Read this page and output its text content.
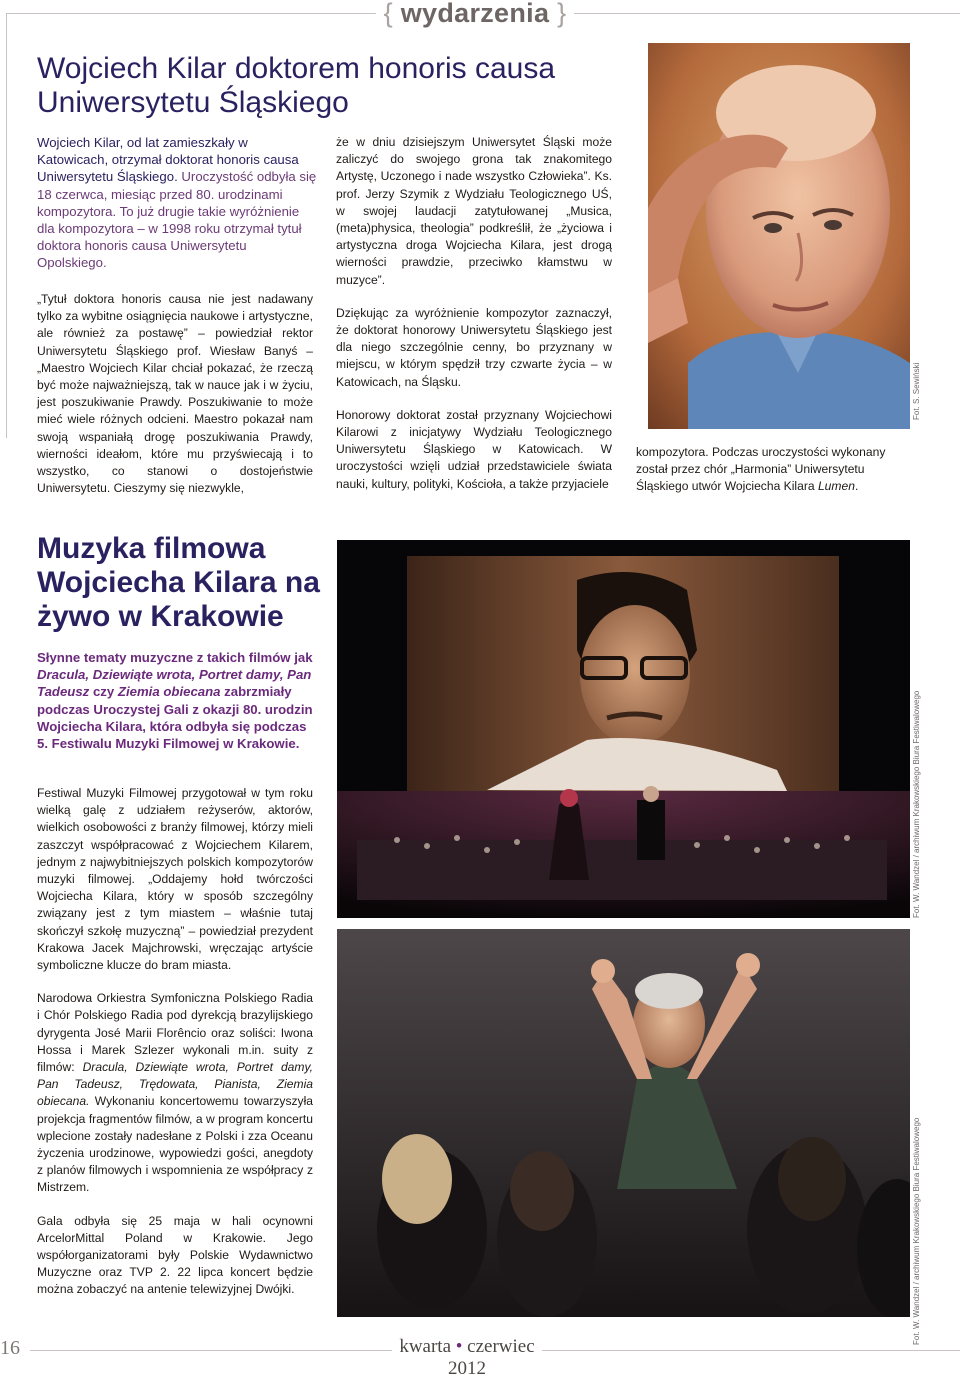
{ wydarzenia }
Wojciech Kilar doktorem honoris causa Uniwersytetu Śląskiego
Wojciech Kilar, od lat zamieszkały w Katowicach, otrzymał doktorat honoris causa Uniwersytetu Śląskiego. Uroczystość odbyła się 18 czerwca, miesiąc przed 80. urodzinami kompozytora. To już drugie takie wyróżnienie dla kompozytora – w 1998 roku otrzymał tytuł doktora honoris causa Uniwersytetu Opolskiego.

„Tytuł doktora honoris causa nie jest nadawany tylko za wybitne osiągnięcia naukowe i artystyczne, ale również za postawę” – powiedział rektor Uniwersytetu Śląskiego prof. Wiesław Banyś – „Maestro Wojciech Kilar chciał pokazać, że rzeczą być może najważniejszą, tak w nauce jak i w życiu, jest poszukiwanie Prawdy. Poszukiwanie to może mieć wiele różnych odcieni. Maestro pokazał nam swoją wspaniałą drogę poszukiwania Prawdy, wierności ideałom, które mu przyświecają i to wszystko, co stanowi o dostojeństwie Uniwersytetu. Cieszymy się niezwykle,

że w dniu dzisiejszym Uniwersytet Śląski może zaliczyć do swojego grona tak znakomitego Artystę, Uczonego i nade wszystko Człowieka”. Ks. prof. Jerzy Szymik z Wydziału Teologicznego UŚ, w swojej laudacji zatytułowanej „Musica, (meta)physica, theologia” podkreślił, że „życiowa i artystyczna droga Wojciecha Kilara, jest drogą wierności prawdzie, przeciwko kłamstwu w muzyce”.

Dziękując za wyróżnienie kompozytor zaznaczył, że doktorat honorowy Uniwersytetu Śląskiego jest dla niego szczególnie cenny, bo przyznany w miejscu, w którym spędził trzy czwarte życia – w Katowicach, na Śląsku.

Honorowy doktorat został przyznany Wojciechowi Kilarowi z inicjatywy Wydziału Teologicznego Uniwersytetu Śląskiego w Katowicach. W uroczystości wzięli udział przedstawiciele świata nauki, kultury, polityki, Kościoła, a także przyjaciele

kompozytora. Podczas uroczystości wykonany został przez chór „Harmonia” Uniwersytetu Śląskiego utwór Wojciecha Kilara Lumen.
Fot. S. Sewiński
Muzyka filmowa Wojciecha Kilara na żywo w Krakowie
Słynne tematy muzyczne z takich filmów jak Dracula, Dziewiąte wrota, Portret damy, Pan Tadeusz czy Ziemia obiecana zabrzmiały podczas Uroczystej Gali z okazji 80. urodzin Wojciecha Kilara, która odbyła się podczas 5. Festiwalu Muzyki Filmowej w Krakowie.

Festiwal Muzyki Filmowej przygotował w tym roku wielką galę z udziałem reżyserów, aktorów, wielkich osobowości z branży filmowej, którzy mieli zaszczyt współpracować z Wojciechem Kilarem, jednym z najwybitniejszych polskich kompozytorów muzyki filmowej. „Oddajemy hołd twórczości Wojciecha Kilara, który w sposób szczególny związany jest z tym miastem – właśnie tutaj skończył szkołę muzyczną” – powiedział prezydent Krakowa Jacek Majchrowski, wręczając artyście symboliczne klucze do bram miasta.

Narodowa Orkiestra Symfoniczna Polskiego Radia i Chór Polskiego Radia pod dyrekcją brazylijskiego dyrygenta José Marii Florêncio oraz soliści: Iwona Hossa i Marek Szlezer wykonali m.in. suity z filmów: Dracula, Dziewiąte wrota, Portret damy, Pan Tadeusz, Trędowata, Pianista, Ziemia obiecana. Wykonaniu koncertowemu towarzyszyła projekcja fragmentów filmów, a w program koncertu wplecione zostały nadesłane z Polski i zza Oceanu życzenia urodzinowe, wypowiedzi gości, anegdoty z planów filmowych i wspomnienia ze współpracy z Mistrzem.

Gala odbyła się 25 maja w hali ocynowni ArcelorMittal Poland w Krakowie. Jego współorganizatorami były Polskie Wydawnictwo Muzyczne oraz TVP 2. 22 lipca koncert będzie można zobaczyć na antenie telewizyjnej Dwójki.

Fot. W. Wandzel / archiwum Krakowskiego Biura Festiwalowego
Fot. W. Wandzel / archiwum Krakowskiego Biura Festiwalowego
16	kwarta • czerwiec 2012
